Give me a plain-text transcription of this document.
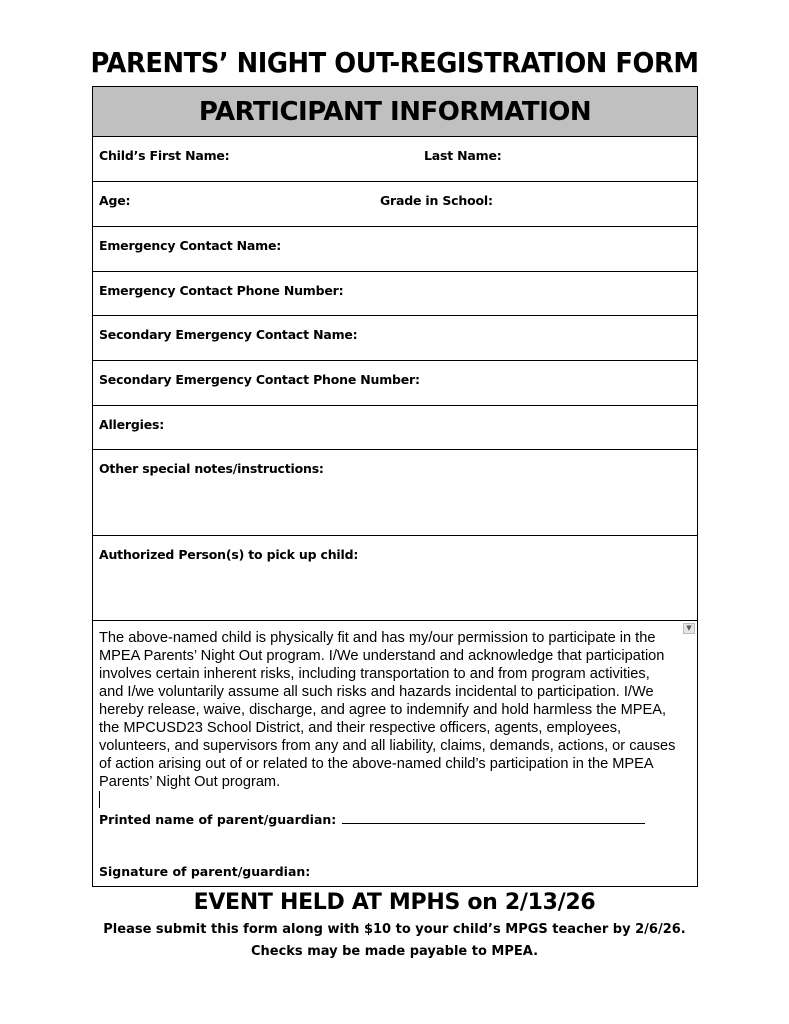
PARENTS’ NIGHT OUT-REGISTRATION FORM
PARTICIPANT INFORMATION
Child’s First Name:	Last Name:
Age:	Grade in School:
Emergency Contact Name:
Emergency Contact Phone Number:
Secondary Emergency Contact Name:
Secondary Emergency Contact Phone Number:
Allergies:
Other special notes/instructions:
Authorized Person(s) to pick up child:
▼
The above-named child is physically fit and has my/our permission to participate in the MPEA Parents’ Night Out program. I/We understand and acknowledge that participation involves certain inherent risks, including transportation to and from program activities, and I/we voluntarily assume all such risks and hazards incidental to participation. I/We hereby release, waive, discharge, and agree to indemnify and hold harmless the MPEA, the MPCUSD23 School District, and their respective officers, agents, employees, volunteers, and supervisors from any and all liability, claims, demands, actions, or causes of action arising out of or related to the above-named child’s participation in the MPEA Parents’ Night Out program.
Printed name of parent/guardian:
Signature of parent/guardian:
EVENT HELD AT MPHS on 2/13/26
Please submit this form along with $10 to your child’s MPGS teacher by 2/6/26.
Checks may be made payable to MPEA.
